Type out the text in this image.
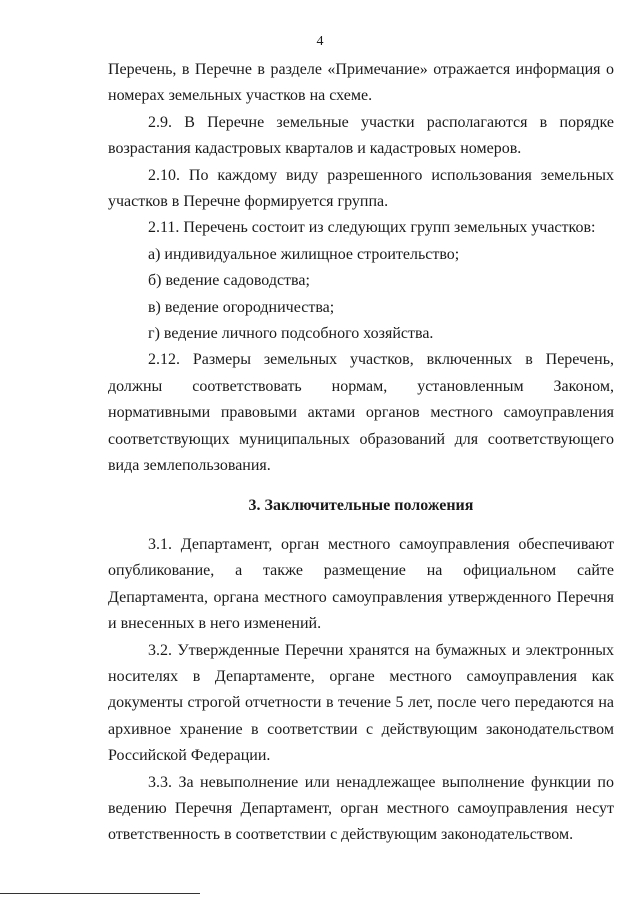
4

Перечень, в Перечне в разделе «Примечание» отражается информация о номерах земельных участков на схеме.

2.9. В Перечне земельные участки располагаются в порядке возрастания кадастровых кварталов и кадастровых номеров.

2.10. По каждому виду разрешенного использования земельных участков в Перечне формируется группа.

2.11. Перечень состоит из следующих групп земельных участков:

а) индивидуальное жилищное строительство;

б) ведение садоводства;

в) ведение огородничества;

г) ведение личного подсобного хозяйства.

2.12. Размеры земельных участков, включенных в Перечень, должны соответствовать нормам, установленным Законом, нормативными правовыми актами органов местного самоуправления соответствующих муниципальных образований для соответствующего вида землепользования.

3. Заключительные положения

3.1. Департамент, орган местного самоуправления обеспечивают опубликование, а также размещение на официальном сайте Департамента, органа местного самоуправления утвержденного Перечня и внесенных в него изменений.

3.2. Утвержденные Перечни хранятся на бумажных и электронных носителях в Департаменте, органе местного самоуправления как документы строгой отчетности в течение 5 лет, после чего передаются на архивное хранение в соответствии с действующим законодательством Российской Федерации.

3.3. За невыполнение или ненадлежащее выполнение функции по ведению Перечня Департамент, орган местного самоуправления несут ответственность в соответствии с действующим законодательством.
